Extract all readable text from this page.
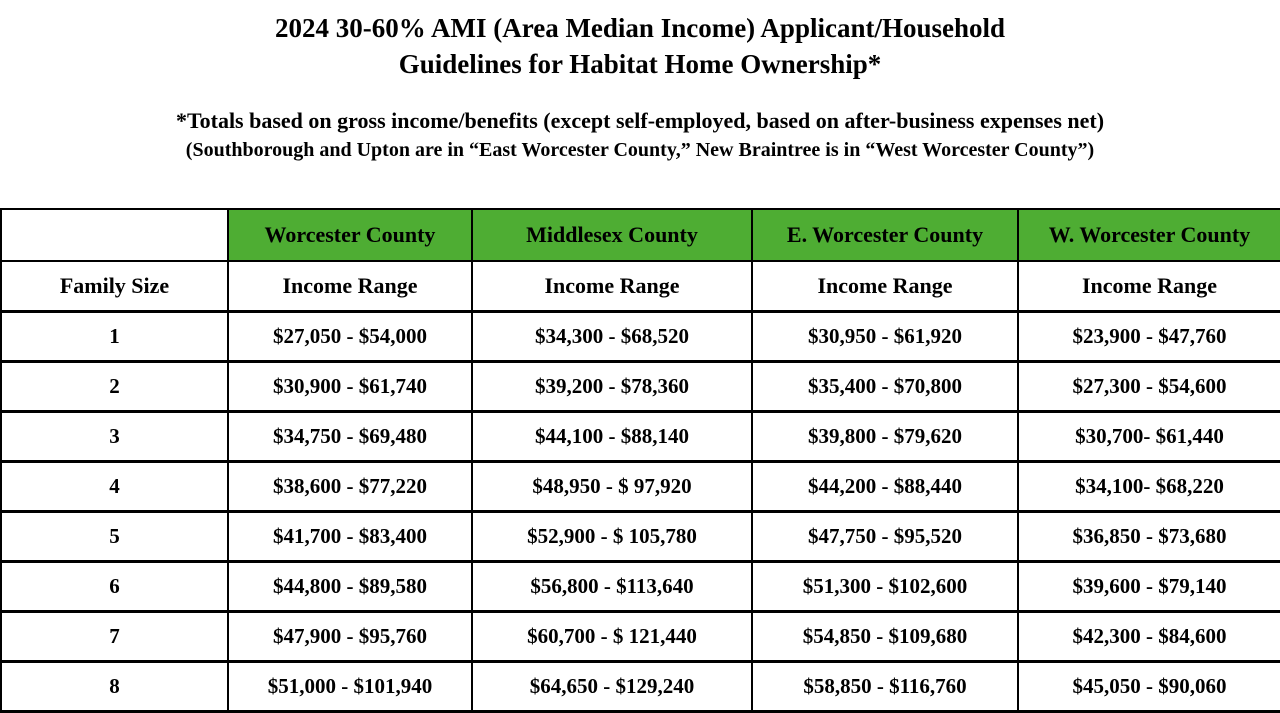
2024 30-60% AMI (Area Median Income) Applicant/Household
Guidelines for Habitat Home Ownership*
*Totals based on gross income/benefits (except self-employed, based on after-business expenses net)
(Southborough and Upton are in “East Worcester County,” New Braintree is in “West Worcester County”)
	Worcester County	Middlesex County	E. Worcester County	W. Worcester County
Family Size	Income Range	Income Range	Income Range	Income Range
1	$27,050 - $54,000	$34,300 - $68,520	$30,950 - $61,920	$23,900 - $47,760
2	$30,900 - $61,740	$39,200 - $78,360	$35,400 - $70,800	$27,300 - $54,600
3	$34,750 - $69,480	$44,100 - $88,140	$39,800 - $79,620	$30,700- $61,440
4	$38,600 - $77,220	$48,950 - $ 97,920	$44,200 - $88,440	$34,100- $68,220
5	$41,700 - $83,400	$52,900 - $ 105,780	$47,750 - $95,520	$36,850 - $73,680
6	$44,800 - $89,580	$56,800 - $113,640	$51,300 - $102,600	$39,600 - $79,140
7	$47,900 - $95,760	$60,700 - $ 121,440	$54,850 - $109,680	$42,300 - $84,600
8	$51,000 - $101,940	$64,650 - $129,240	$58,850 - $116,760	$45,050 - $90,060
